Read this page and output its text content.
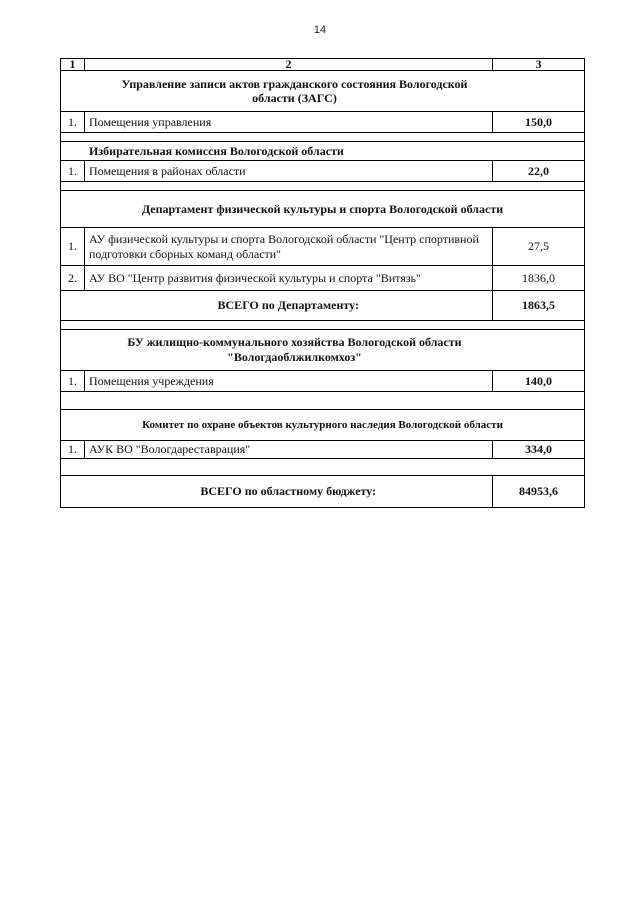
14
1	2	3
Управление записи актов гражданского состояния Вологодской
области (ЗАГС)		
1.	Помещения управления	150,0

Избирательная комиссия Вологодской области		
1.	Помещения в районах области	22,0

Департамент физической культуры и спорта Вологодской области		
1.	АУ физической культуры и спорта Вологодской области "Центр спортивной подготовки сборных команд области"	27,5
2.	АУ ВО "Центр развития физической культуры и спорта "Витязь"	1836,0
	ВСЕГО по Департаменту:	1863,5

БУ жилищно-коммунального хозяйства Вологодской области
"Вологдаоблжилкомхоз"		
1.	Помещения учреждения	140,0

Комитет по охране объектов культурного наследия Вологодской области		
1.	АУК ВО "Вологдареставрация"	334,0

	ВСЕГО по областному бюджету:	84953,6
